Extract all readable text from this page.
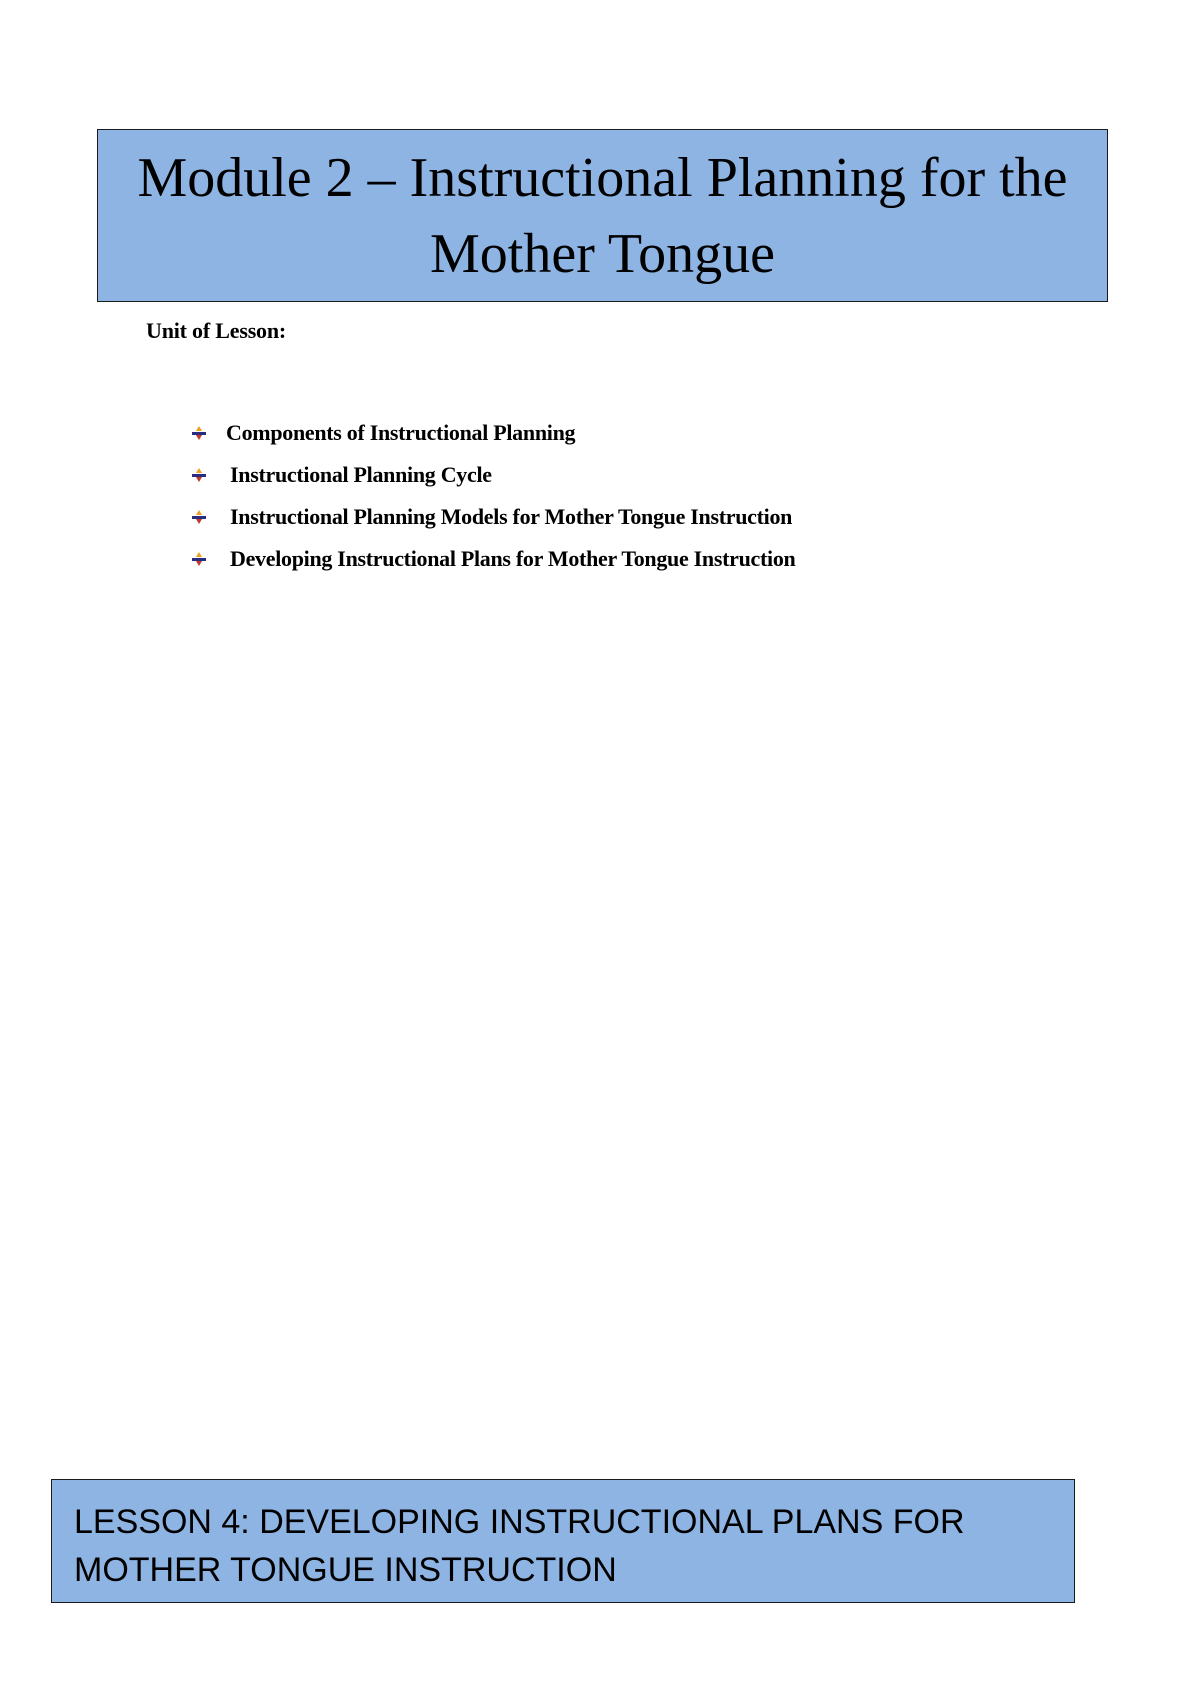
Module 2 – Instructional Planning for the Mother Tongue
Unit of Lesson:
Components of Instructional Planning
Instructional Planning Cycle
Instructional Planning Models for Mother Tongue Instruction
Developing Instructional Plans for Mother Tongue Instruction

LESSON 4: DEVELOPING INSTRUCTIONAL PLANS FOR MOTHER TONGUE INSTRUCTION
